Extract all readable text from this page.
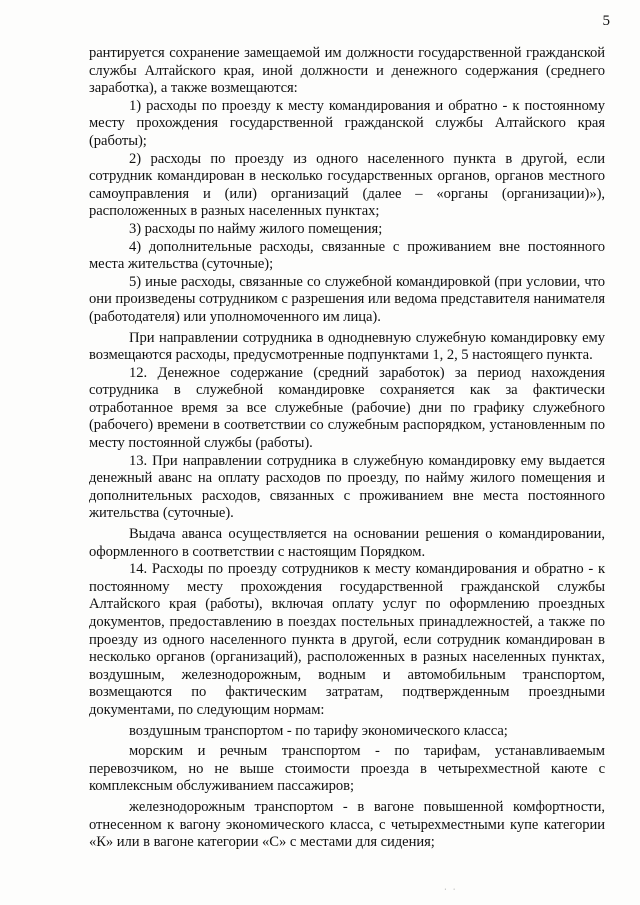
5

рантируется сохранение замещаемой им должности государственной гражданской службы Алтайского края, иной должности и денежного содержания (среднего заработка), а также возмещаются:

1) расходы по проезду к месту командирования и обратно - к постоянному месту прохождения государственной гражданской службы Алтайского края (работы);

2) расходы по проезду из одного населенного пункта в другой, если сотрудник командирован в несколько государственных органов, органов местного самоуправления и (или) организаций (далее – «органы (организации)»), расположенных в разных населенных пунктах;

3) расходы по найму жилого помещения;

4) дополнительные расходы, связанные с проживанием вне постоянного места жительства (суточные);

5) иные расходы, связанные со служебной командировкой (при условии, что они произведены сотрудником с разрешения или ведома представителя нанимателя (работодателя) или уполномоченного им лица).

При направлении сотрудника в однодневную служебную командировку ему возмещаются расходы, предусмотренные подпунктами 1, 2, 5 настоящего пункта.

12. Денежное содержание (средний заработок) за период нахождения сотрудника в служебной командировке сохраняется как за фактически отработанное время за все служебные (рабочие) дни по графику служебного (рабочего) времени в соответствии со служебным распорядком, установленным по месту постоянной службы (работы).

13. При направлении сотрудника в служебную командировку ему выдается денежный аванс на оплату расходов по проезду, по найму жилого помещения и дополнительных расходов, связанных с проживанием вне места постоянного жительства (суточные).

Выдача аванса осуществляется на основании решения о командировании, оформленного в соответствии с настоящим Порядком.

14. Расходы по проезду сотрудников к месту командирования и обратно - к постоянному месту прохождения государственной гражданской службы Алтайского края (работы), включая оплату услуг по оформлению проездных документов, предоставлению в поездах постельных принадлежностей, а также по проезду из одного населенного пункта в другой, если сотрудник командирован в несколько органов (организаций), расположенных в разных населенных пунктах, воздушным, железнодорожным, водным и автомобильным транспортом, возмещаются по фактическим затратам, подтвержденным проездными документами, по следующим нормам:

воздушным транспортом - по тарифу экономического класса;

морским и речным транспортом - по тарифам, устанавливаемым перевозчиком, но не выше стоимости проезда в четырехместной каюте с комплексным обслуживанием пассажиров;

железнодорожным транспортом - в вагоне повышенной комфортности, отнесенном к вагону экономического класса, с четырехместными купе категории «К» или в вагоне категории «С» с местами для сидения;

⋅ ⋅
